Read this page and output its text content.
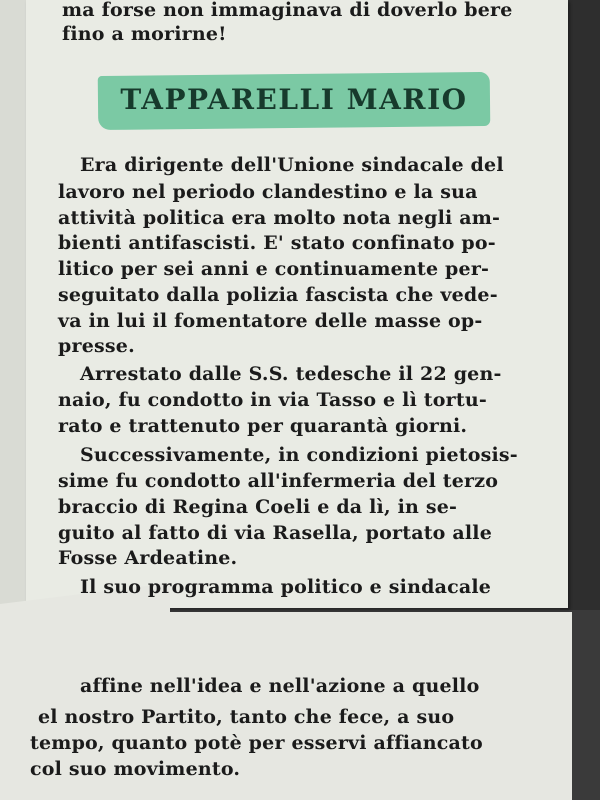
ma forse non immaginava di doverlo bere

fino a morirne!

TAPPARELLI MARIO

Era dirigente dell'Unione sindacale del

lavoro nel periodo clandestino e la sua

attività politica era molto nota negli am-

bienti antifascisti. E' stato confinato po-

litico per sei anni e continuamente per-

seguitato dalla polizia fascista che vede-

va in lui il fomentatore delle masse op-

presse.

Arrestato dalle S.S. tedesche il 22 gen-

naio, fu condotto in via Tasso e lì tortu-

rato e trattenuto per quarantà giorni.

Successivamente, in condizioni pietosis-

sime fu condotto all'infermeria del terzo

braccio di Regina Coeli e da lì, in se-

guito al fatto di via Rasella, portato alle

Fosse Ardeatine.

Il suo programma politico e sindacale

affine nell'idea e nell'azione a quello

el nostro Partito, tanto che fece, a suo

tempo, quanto potè per esservi affiancato

col suo movimento.
